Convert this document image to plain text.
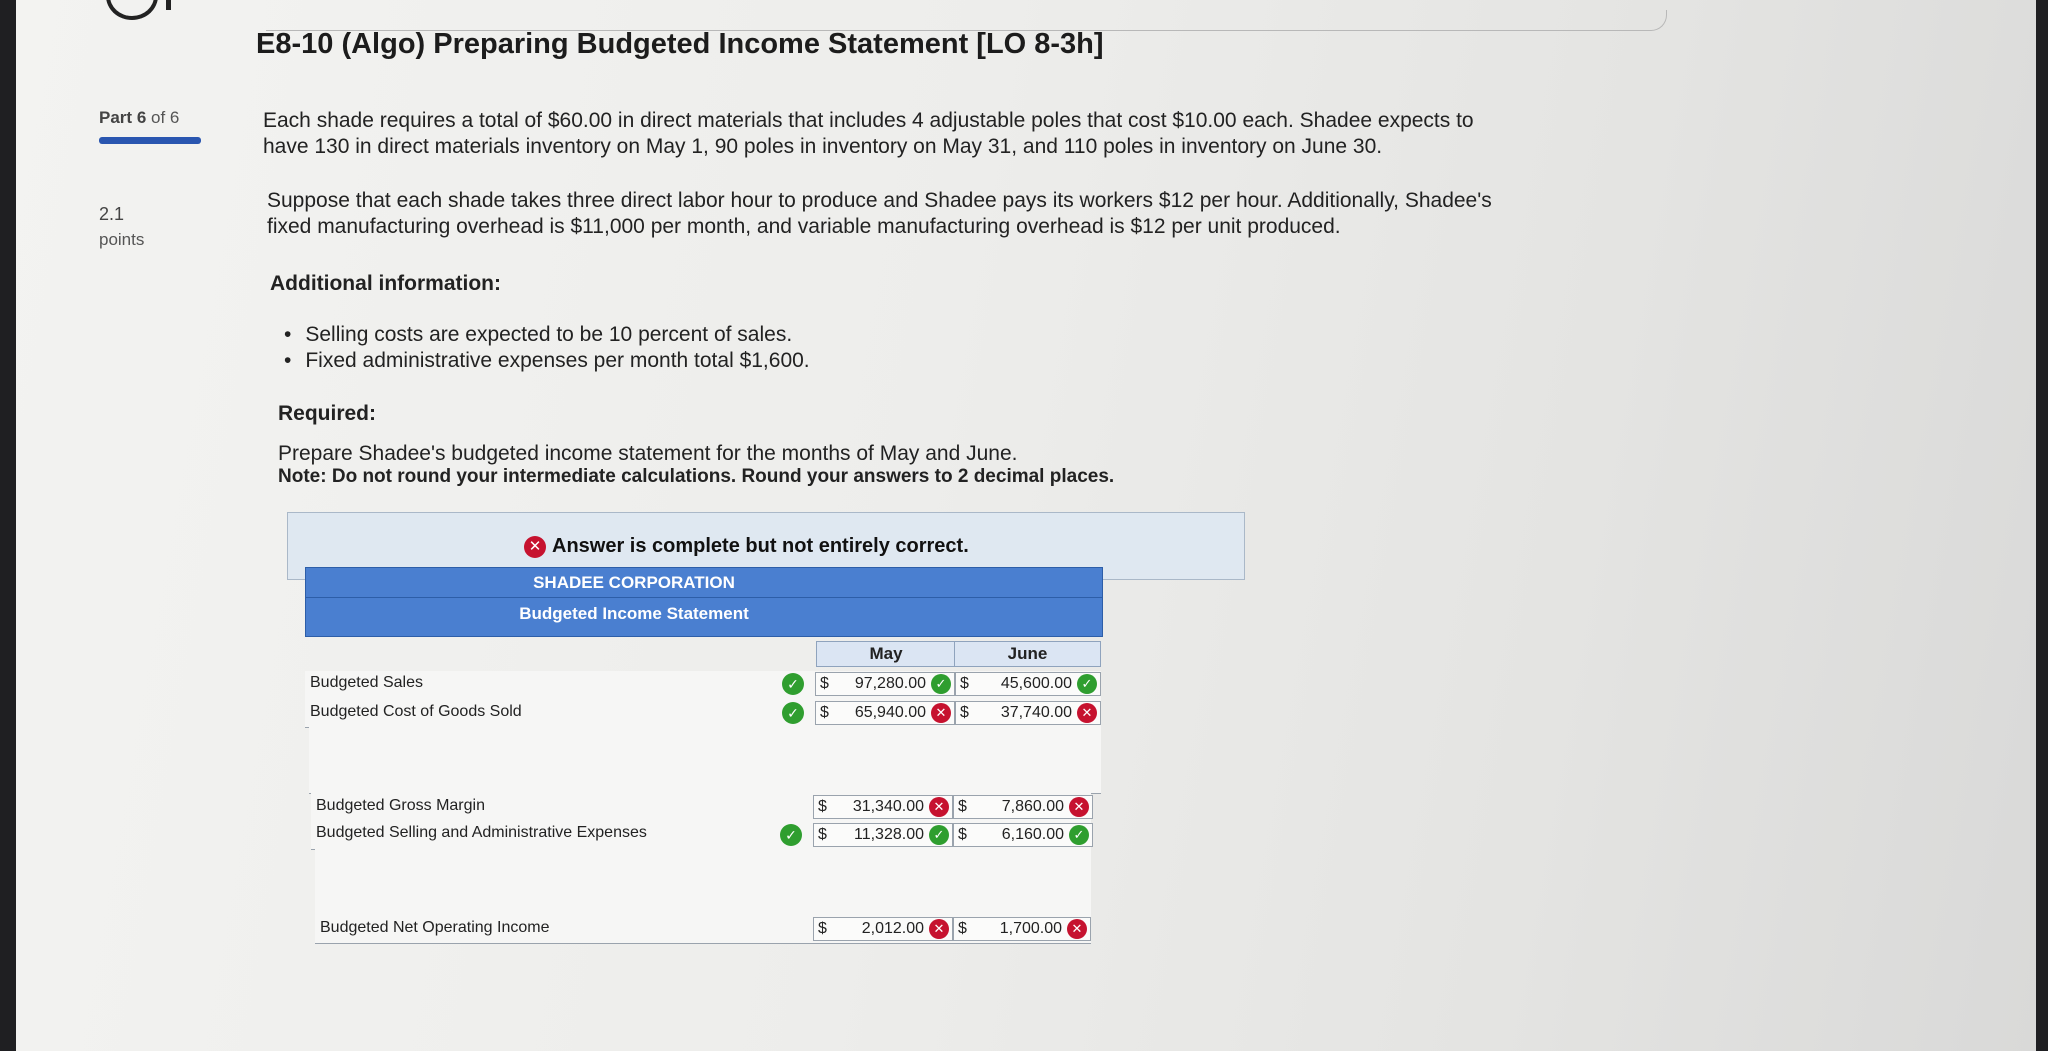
E8-10 (Algo) Preparing Budgeted Income Statement [LO 8-3h]
Part 6 of 6
2.1
points
Each shade requires a total of $60.00 in direct materials that includes 4 adjustable poles that cost $10.00 each. Shadee expects to
have 130 in direct materials inventory on May 1, 90 poles in inventory on May 31, and 110 poles in inventory on June 30.
Suppose that each shade takes three direct labor hour to produce and Shadee pays its workers $12 per hour. Additionally, Shadee's
fixed manufacturing overhead is $11,000 per month, and variable manufacturing overhead is $12 per unit produced.
Additional information:
• Selling costs are expected to be 10 percent of sales.
• Fixed administrative expenses per month total $1,600.
Required:
Prepare Shadee's budgeted income statement for the months of May and June.
Note: Do not round your intermediate calculations. Round your answers to 2 decimal places.
✕ Answer is complete but not entirely correct.
SHADEE CORPORATION
Budgeted Income Statement
May	June
Budgeted Sales	✓	$ 97,280.00 ✓ $ 45,600.00 ✓
Budgeted Cost of Goods Sold	✓	$ 65,940.00 ✕ $ 37,740.00 ✕
Budgeted Gross Margin	$ 31,340.00 ✕ $ 7,860.00 ✕
Budgeted Selling and Administrative Expenses	✓	$ 11,328.00 ✓ $ 6,160.00 ✓
Budgeted Net Operating Income	$ 2,012.00 ✕ $ 1,700.00 ✕
